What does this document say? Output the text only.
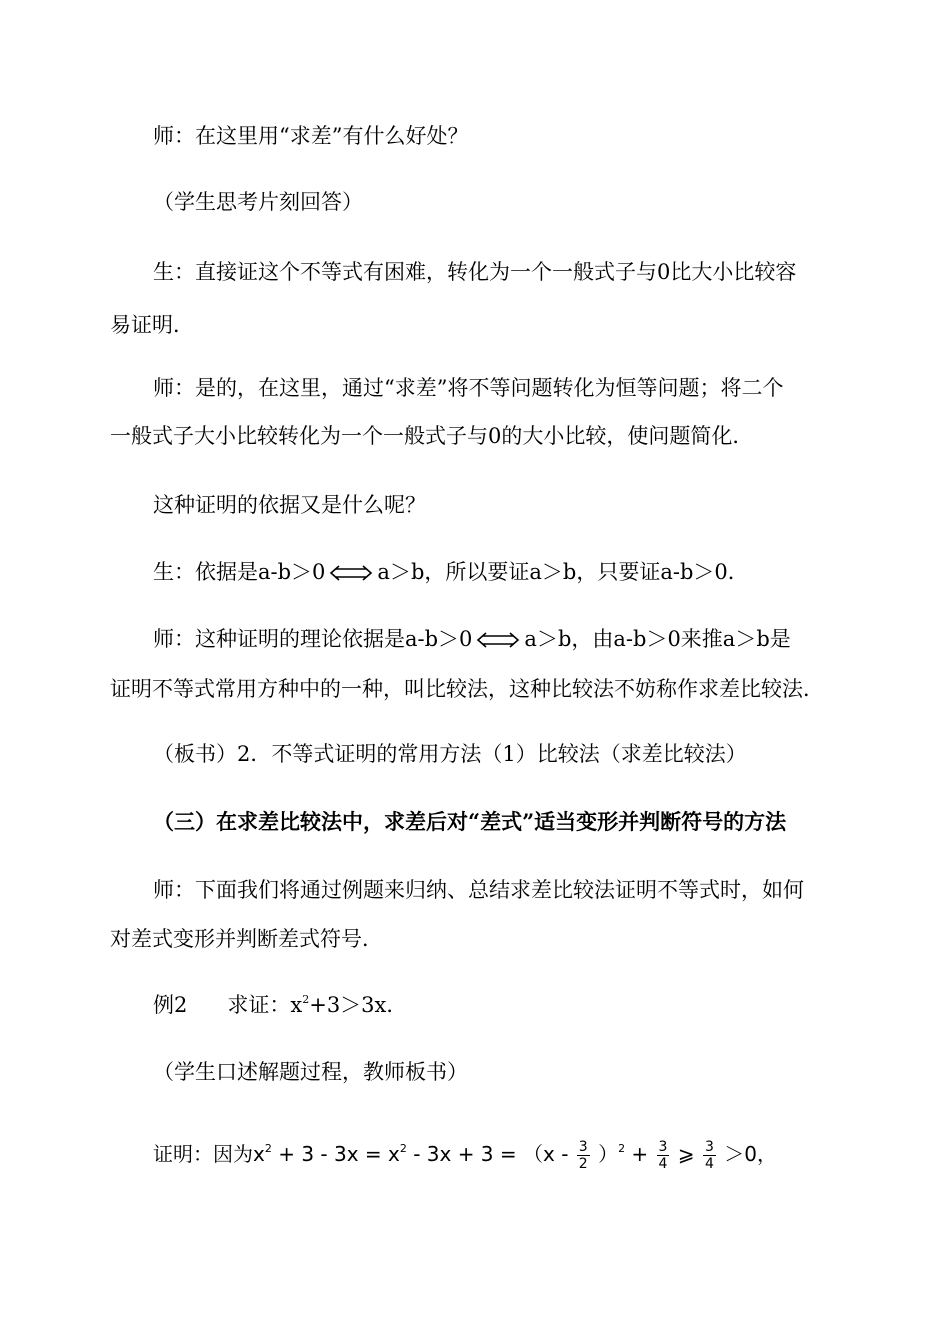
师：在这里用“求差”有什么好处？

（学生思考片刻回答）

生：直接证这个不等式有困难，转化为一个一般式子与0比大小比较容

易证明．

师：是的，在这里，通过“求差”将不等问题转化为恒等问题；将二个

一般式子大小比较转化为一个一般式子与0的大小比较，使问题简化．

这种证明的依据又是什么呢？

生：依据是a-b＞0 a＞b，所以要证a＞b，只要证a-b＞0．

师：这种证明的理论依据是a-b＞0 a＞b，由a-b＞0来推a＞b是

证明不等式常用方种中的一种，叫比较法，这种比较法不妨称作求差比较法．

（板书）2．不等式证明的常用方法（1）比较法（求差比较法）

（三）在求差比较法中，求差后对“差式”适当变形并判断符号的方法

师：下面我们将通过例题来归纳、总结求差比较法证明不等式时，如何

对差式变形并判断差式符号．

例2 求证：$x^2+3>3x$．

（学生口述解题过程，教师板书）

证明：因为$x^2 + 3 - 3x = x^2 - 3x + 3 = (x - \frac{3}{2} )^2 + \frac{3}{4}$ ⩾ $\frac{3}{4} >0$，
